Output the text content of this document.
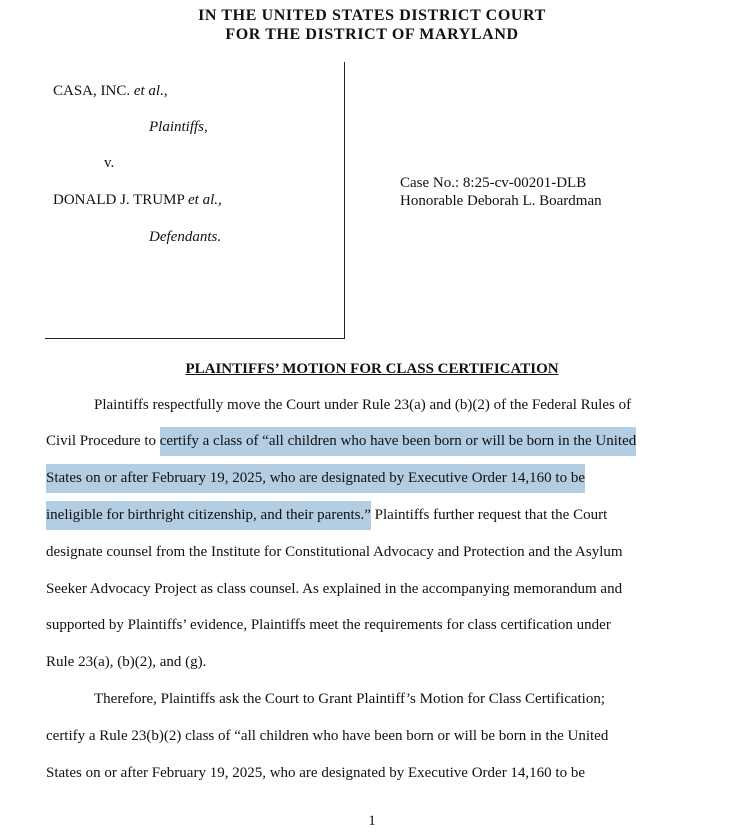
IN THE UNITED STATES DISTRICT COURT
FOR THE DISTRICT OF MARYLAND
CASA, INC. et al.,
Plaintiffs,
v.
DONALD J. TRUMP et al.,
Defendants.
Case No.: 8:25-cv-00201-DLB
Honorable Deborah L. Boardman
PLAINTIFFS’ MOTION FOR CLASS CERTIFICATION
Plaintiffs respectfully move the Court under Rule 23(a) and (b)(2) of the Federal Rules of
Civil Procedure to certify a class of “all children who have been born or will be born in the United
States on or after February 19, 2025, who are designated by Executive Order 14,160 to be
ineligible for birthright citizenship, and their parents.” Plaintiffs further request that the Court
designate counsel from the Institute for Constitutional Advocacy and Protection and the Asylum
Seeker Advocacy Project as class counsel. As explained in the accompanying memorandum and
supported by Plaintiffs’ evidence, Plaintiffs meet the requirements for class certification under
Rule 23(a), (b)(2), and (g).
Therefore, Plaintiffs ask the Court to Grant Plaintiff’s Motion for Class Certification;
certify a Rule 23(b)(2) class of “all children who have been born or will be born in the United
States on or after February 19, 2025, who are designated by Executive Order 14,160 to be
1
